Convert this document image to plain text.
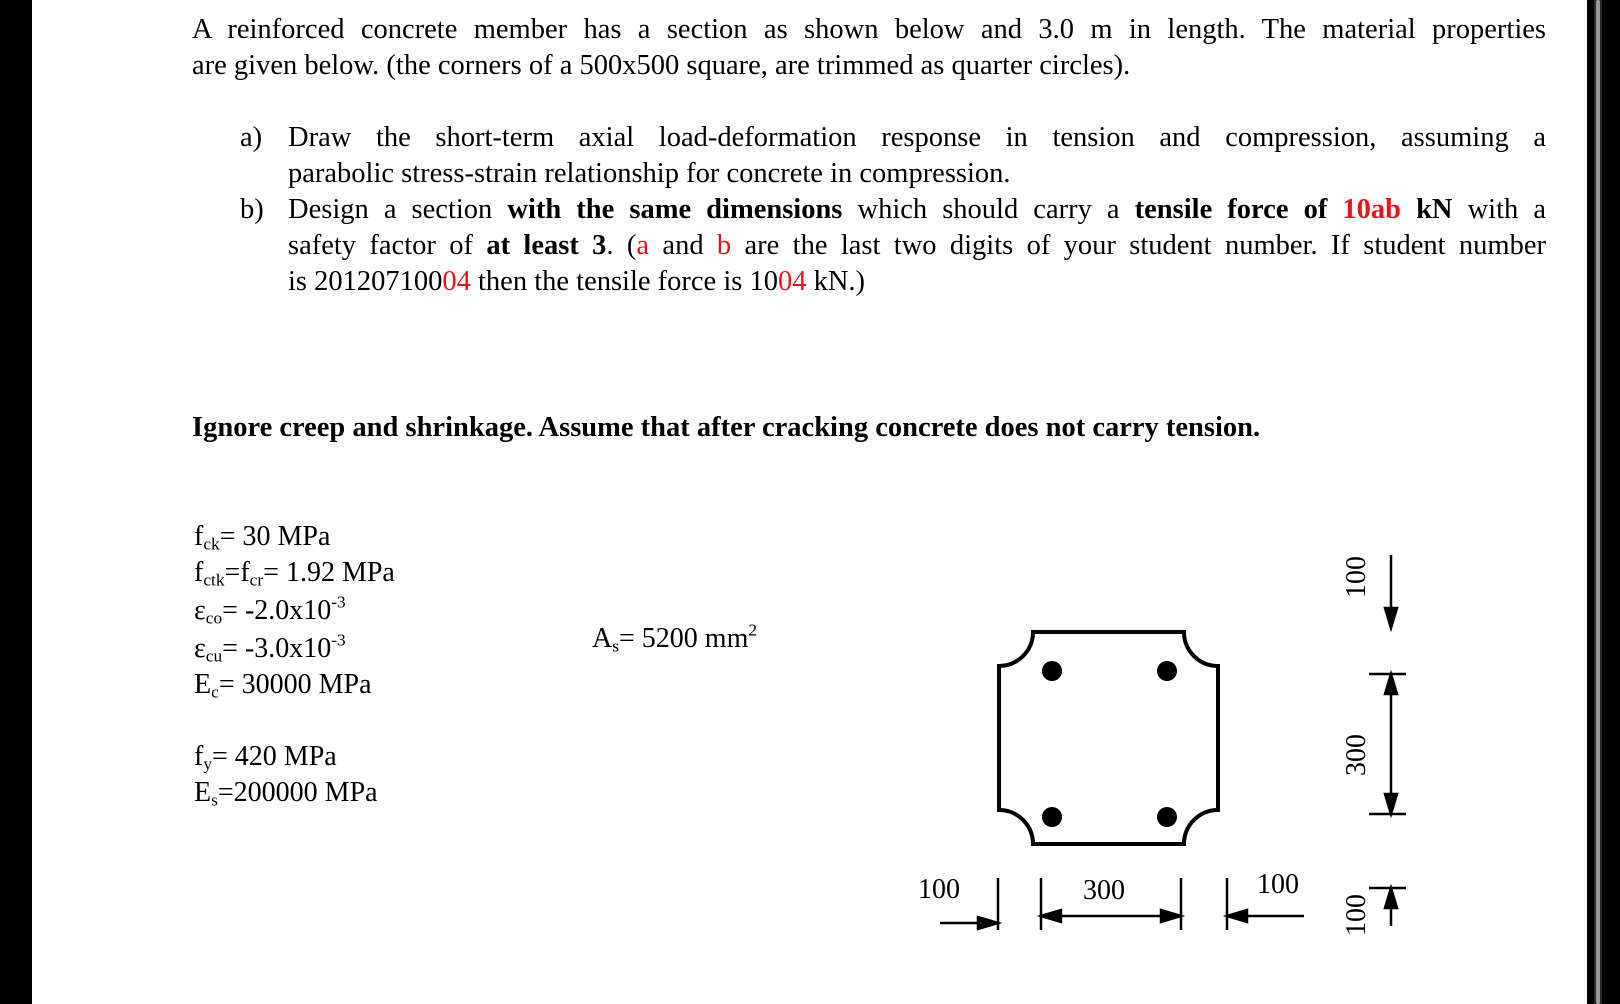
A reinforced concrete member has a section as shown below and 3.0 m in length. The material properties
are given below. (the corners of a 500x500 square, are trimmed as quarter circles).
a) Draw the short-term axial load-deformation response in tension and compression, assuming a
parabolic stress-strain relationship for concrete in compression.
b) Design a section with the same dimensions which should carry a tensile force of 10ab kN with a
safety factor of at least 3. (a and b are the last two digits of your student number. If student number
is 20120710004 then the tensile force is 1004 kN.)
Ignore creep and shrinkage. Assume that after cracking concrete does not carry tension.
$f_{ck}= 30$ MPa
$f_{ctk}=f_{cr}= 1.92$ MPa
$\varepsilon_{co}= -2.0x10^{-3}$
$\varepsilon_{cu}= -3.0x10^{-3}$
$E_c= 30000$ MPa
$f_y= 420$ MPa
$E_s=200000$ MPa
$A_s= 5200$ $mm^2$
100	300	100
100
300
100
